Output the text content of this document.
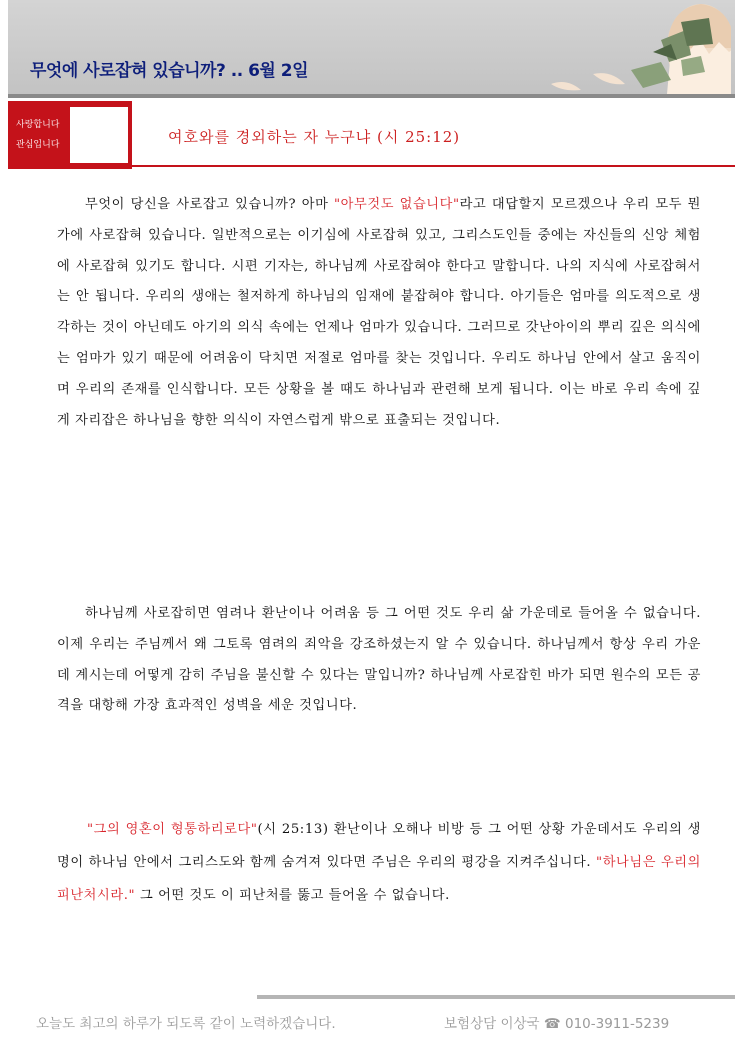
무엇에 사로잡혀 있습니까? .. 6월 2일
사랑합니다
관심입니다	여호와를 경외하는 자 누구냐 (시 25:12)

무엇이 당신을 사로잡고 있습니까? 아마 "아무것도 없습니다"라고 대답할지 모르겠으나 우리 모두 뭔가에 사로잡혀 있습니다. 일반적으로는 이기심에 사로잡혀 있고, 그리스도인들 중에는 자신들의 신앙 체험에 사로잡혀 있기도 합니다. 시편 기자는, 하나님께 사로잡혀야 한다고 말합니다. 나의 지식에 사로잡혀서는 안 됩니다. 우리의 생애는 철저하게 하나님의 임재에 붙잡혀야 합니다. 아기들은 엄마를 의도적으로 생각하는 것이 아닌데도 아기의 의식 속에는 언제나 엄마가 있습니다. 그러므로 갓난아이의 뿌리 깊은 의식에는 엄마가 있기 때문에 어려움이 닥치면 저절로 엄마를 찾는 것입니다. 우리도 하나님 안에서 살고 움직이며 우리의 존재를 인식합니다. 모든 상황을 볼 때도 하나님과 관련해 보게 됩니다. 이는 바로 우리 속에 깊게 자리잡은 하나님을 향한 의식이 자연스럽게 밖으로 표출되는 것입니다.

하나님께 사로잡히면 염려나 환난이나 어려움 등 그 어떤 것도 우리 삶 가운데로 들어올 수 없습니다. 이제 우리는 주님께서 왜 그토록 염려의 죄악을 강조하셨는지 알 수 있습니다. 하나님께서 항상 우리 가운데 계시는데 어떻게 감히 주님을 불신할 수 있다는 말입니까? 하나님께 사로잡힌 바가 되면 원수의 모든 공격을 대항해 가장 효과적인 성벽을 세운 것입니다.

"그의 영혼이 형통하리로다"(시 25:13) 환난이나 오해나 비방 등 그 어떤 상황 가운데서도 우리의 생명이 하나님 안에서 그리스도와 함께 숨겨져 있다면 주님은 우리의 평강을 지켜주십니다. "하나님은 우리의 피난처시라." 그 어떤 것도 이 피난처를 뚫고 들어올 수 없습니다.

오늘도 최고의 하루가 되도록 같이 노력하겠습니다.	보험상담 이상국 ☎ 010-3911-5239
